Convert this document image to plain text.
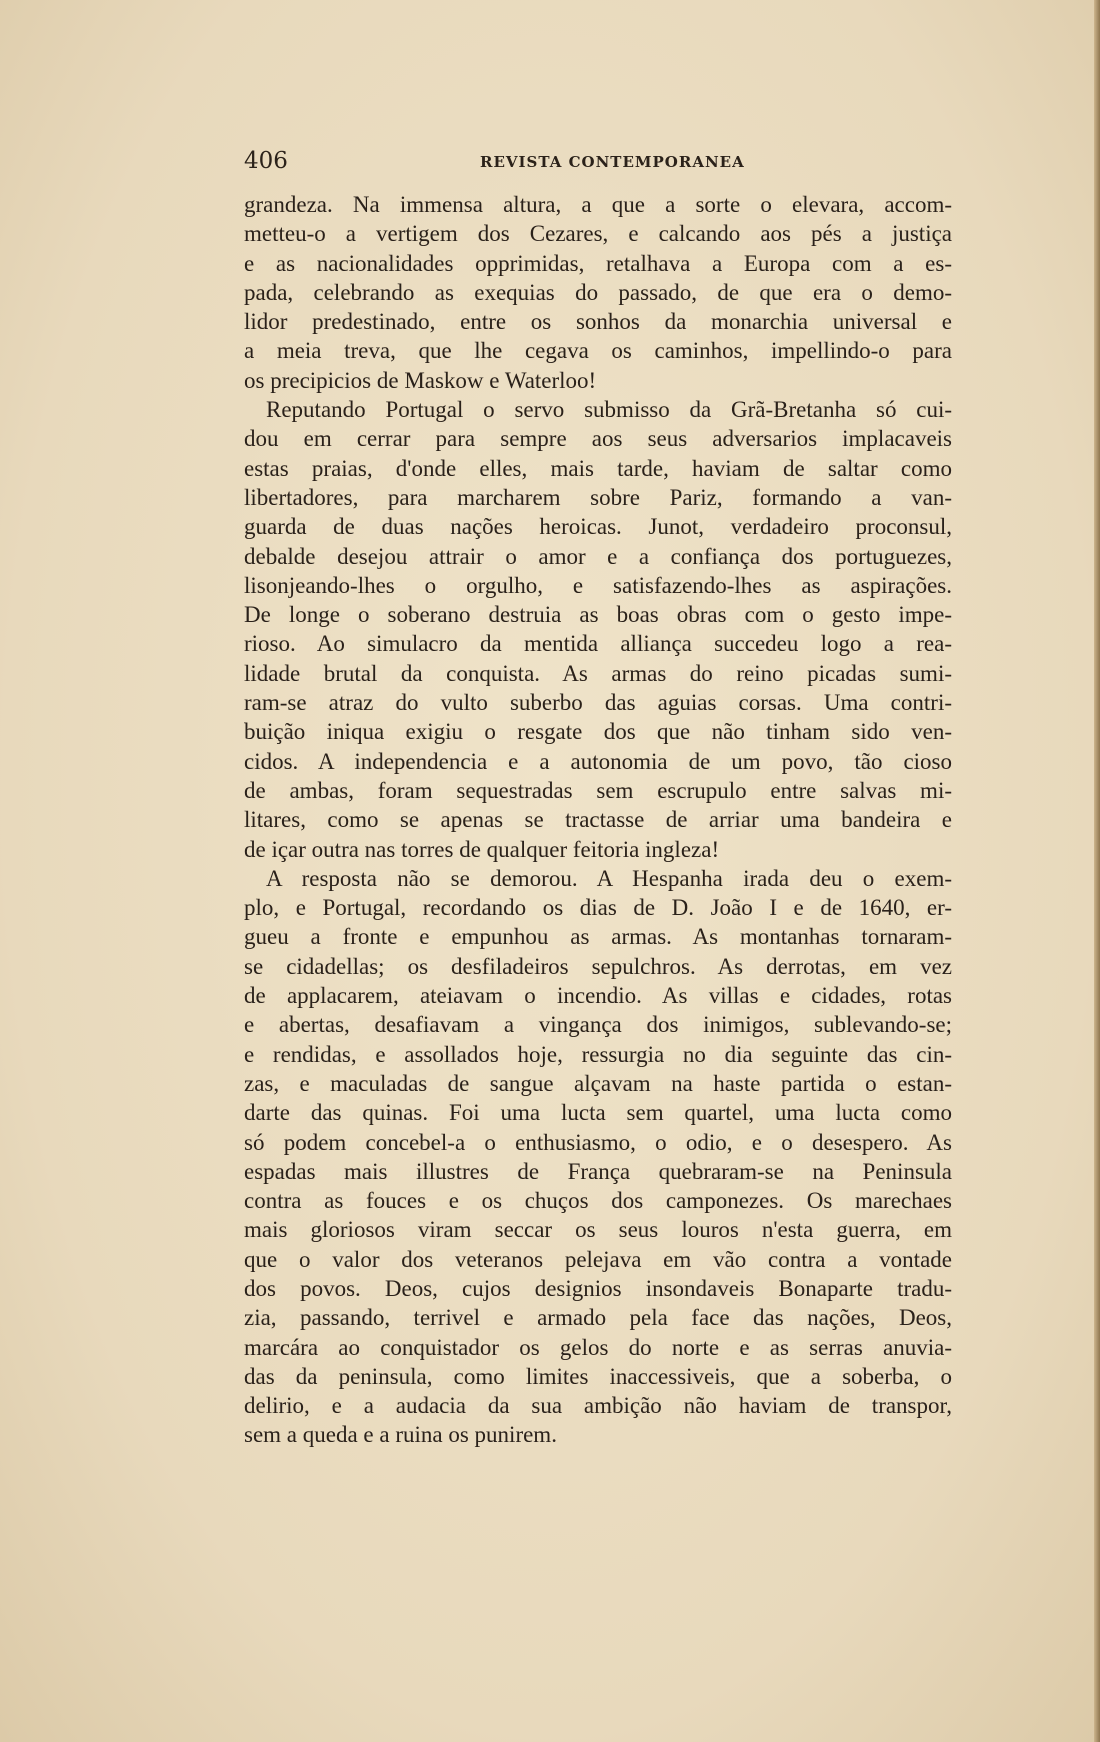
406	REVISTA CONTEMPORANEA
grandeza. Na immensa altura, a que a sorte o elevara, accom-
metteu-o a vertigem dos Cezares, e calcando aos pés a justiça
e as nacionalidades opprimidas, retalhava a Europa com a es-
pada, celebrando as exequias do passado, de que era o demo-
lidor predestinado, entre os sonhos da monarchia universal e
a meia treva, que lhe cegava os caminhos, impellindo-o para
os precipicios de Maskow e Waterloo!
Reputando Portugal o servo submisso da Grã-Bretanha só cui-
dou em cerrar para sempre aos seus adversarios implacaveis
estas praias, d'onde elles, mais tarde, haviam de saltar como
libertadores, para marcharem sobre Pariz, formando a van-
guarda de duas nações heroicas. Junot, verdadeiro proconsul,
debalde desejou attrair o amor e a confiança dos portuguezes,
lisonjeando-lhes o orgulho, e satisfazendo-lhes as aspirações.
De longe o soberano destruia as boas obras com o gesto impe-
rioso. Ao simulacro da mentida alliança succedeu logo a rea-
lidade brutal da conquista. As armas do reino picadas sumi-
ram-se atraz do vulto suberbo das aguias corsas. Uma contri-
buição iniqua exigiu o resgate dos que não tinham sido ven-
cidos. A independencia e a autonomia de um povo, tão cioso
de ambas, foram sequestradas sem escrupulo entre salvas mi-
litares, como se apenas se tractasse de arriar uma bandeira e
de içar outra nas torres de qualquer feitoria ingleza!
A resposta não se demorou. A Hespanha irada deu o exem-
plo, e Portugal, recordando os dias de D. João I e de 1640, er-
gueu a fronte e empunhou as armas. As montanhas tornaram-
se cidadellas; os desfiladeiros sepulchros. As derrotas, em vez
de applacarem, ateiavam o incendio. As villas e cidades, rotas
e abertas, desafiavam a vingança dos inimigos, sublevando-se;
e rendidas, e assollados hoje, ressurgia no dia seguinte das cin-
zas, e maculadas de sangue alçavam na haste partida o estan-
darte das quinas. Foi uma lucta sem quartel, uma lucta como
só podem concebel-a o enthusiasmo, o odio, e o desespero. As
espadas mais illustres de França quebraram-se na Peninsula
contra as fouces e os chuços dos camponezes. Os marechaes
mais gloriosos viram seccar os seus louros n'esta guerra, em
que o valor dos veteranos pelejava em vão contra a vontade
dos povos. Deos, cujos designios insondaveis Bonaparte tradu-
zia, passando, terrivel e armado pela face das nações, Deos,
marcára ao conquistador os gelos do norte e as serras anuvia-
das da peninsula, como limites inaccessiveis, que a soberba, o
delirio, e a audacia da sua ambição não haviam de transpor,
sem a queda e a ruina os punirem.
